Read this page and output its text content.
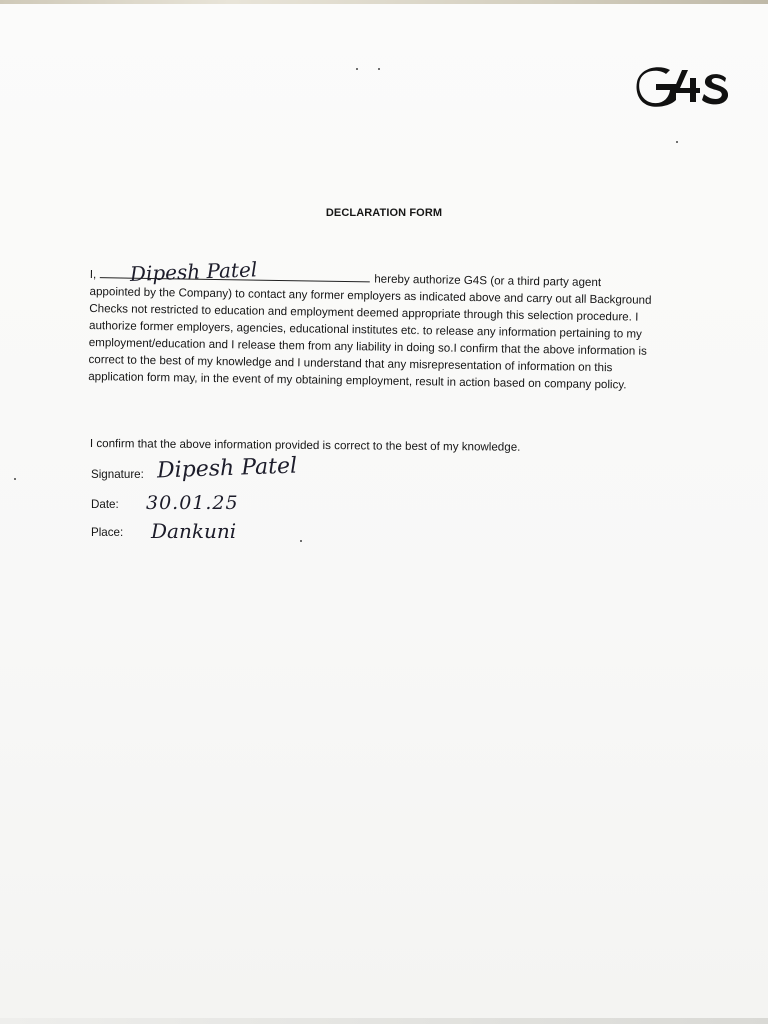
DECLARATION FORM
I, Dipesh Patel	hereby authorize G4S (or a third party agent
appointed by the Company) to contact any former employers as indicated above and carry out all Background Checks not restricted to education and employment deemed appropriate through this selection procedure. I authorize former employers, agencies, educational institutes etc. to release any information pertaining to my employment/education and I release them from any liability in doing so.I confirm that the above information is correct to the best of my knowledge and I understand that any misrepresentation of information on this application form may, in the event of my obtaining employment, result in action based on company policy.
I confirm that the above information provided is correct to the best of my knowledge.
Signature: Dipesh Patel
Date: 30.01.25
Place: Dankuni
